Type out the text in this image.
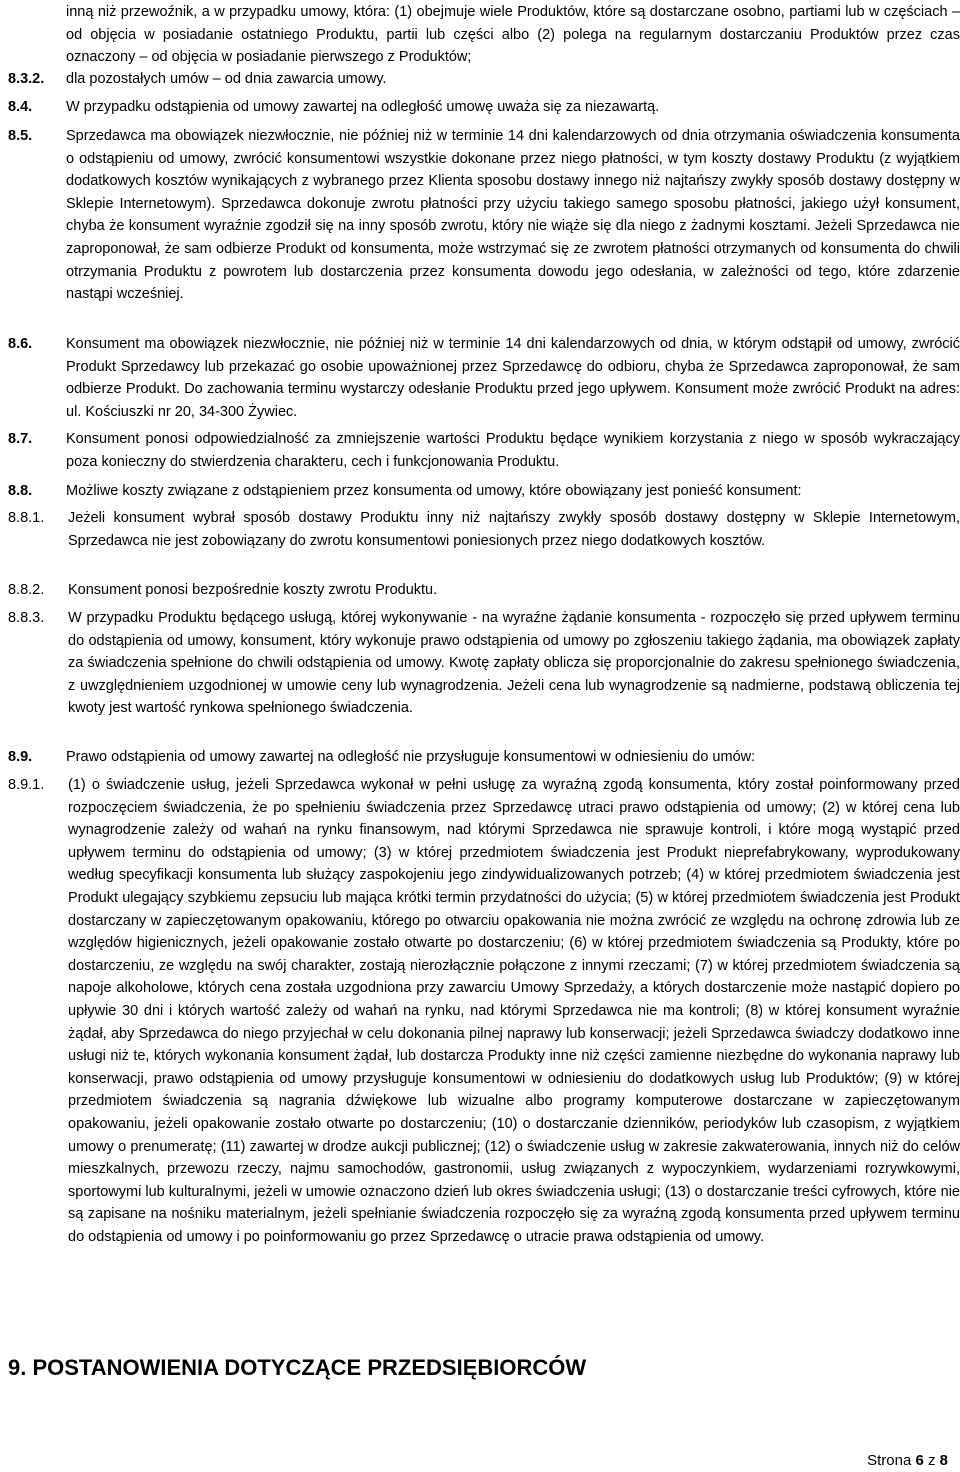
inną niż przewoźnik, a w przypadku umowy, która: (1) obejmuje wiele Produktów, które są dostarczane osobno, partiami lub w częściach – od objęcia w posiadanie ostatniego Produktu, partii lub części albo (2) polega na regularnym dostarczaniu Produktów przez czas oznaczony – od objęcia w posiadanie pierwszego z Produktów;
8.3.2. dla pozostałych umów – od dnia zawarcia umowy.
8.4. W przypadku odstąpienia od umowy zawartej na odległość umowę uważa się za niezawartą.
8.5. Sprzedawca ma obowiązek niezwłocznie, nie później niż w terminie 14 dni kalendarzowych od dnia otrzymania oświadczenia konsumenta o odstąpieniu od umowy, zwrócić konsumentowi wszystkie dokonane przez niego płatności, w tym koszty dostawy Produktu (z wyjątkiem dodatkowych kosztów wynikających z wybranego przez Klienta sposobu dostawy innego niż najtańszy zwykły sposób dostawy dostępny w Sklepie Internetowym). Sprzedawca dokonuje zwrotu płatności przy użyciu takiego samego sposobu płatności, jakiego użył konsument, chyba że konsument wyraźnie zgodził się na inny sposób zwrotu, który nie wiąże się dla niego z żadnymi kosztami. Jeżeli Sprzedawca nie zaproponował, że sam odbierze Produkt od konsumenta, może wstrzymać się ze zwrotem płatności otrzymanych od konsumenta do chwili otrzymania Produktu z powrotem lub dostarczenia przez konsumenta dowodu jego odesłania, w zależności od tego, które zdarzenie nastąpi wcześniej.
8.6. Konsument ma obowiązek niezwłocznie, nie później niż w terminie 14 dni kalendarzowych od dnia, w którym odstąpił od umowy, zwrócić Produkt Sprzedawcy lub przekazać go osobie upoważnionej przez Sprzedawcę do odbioru, chyba że Sprzedawca zaproponował, że sam odbierze Produkt. Do zachowania terminu wystarczy odesłanie Produktu przed jego upływem. Konsument może zwrócić Produkt na adres: ul. Kościuszki nr 20, 34-300 Żywiec.
8.7. Konsument ponosi odpowiedzialność za zmniejszenie wartości Produktu będące wynikiem korzystania z niego w sposób wykraczający poza konieczny do stwierdzenia charakteru, cech i funkcjonowania Produktu.
8.8. Możliwe koszty związane z odstąpieniem przez konsumenta od umowy, które obowiązany jest ponieść konsument:
8.8.1. Jeżeli konsument wybrał sposób dostawy Produktu inny niż najtańszy zwykły sposób dostawy dostępny w Sklepie Internetowym, Sprzedawca nie jest zobowiązany do zwrotu konsumentowi poniesionych przez niego dodatkowych kosztów.
8.8.2. Konsument ponosi bezpośrednie koszty zwrotu Produktu.
8.8.3. W przypadku Produktu będącego usługą, której wykonywanie - na wyraźne żądanie konsumenta - rozpoczęło się przed upływem terminu do odstąpienia od umowy, konsument, który wykonuje prawo odstąpienia od umowy po zgłoszeniu takiego żądania, ma obowiązek zapłaty za świadczenia spełnione do chwili odstąpienia od umowy. Kwotę zapłaty oblicza się proporcjonalnie do zakresu spełnionego świadczenia, z uwzględnieniem uzgodnionej w umowie ceny lub wynagrodzenia. Jeżeli cena lub wynagrodzenie są nadmierne, podstawą obliczenia tej kwoty jest wartość rynkowa spełnionego świadczenia.
8.9. Prawo odstąpienia od umowy zawartej na odległość nie przysługuje konsumentowi w odniesieniu do umów:
8.9.1. (1) o świadczenie usług, jeżeli Sprzedawca wykonał w pełni usługę za wyraźną zgodą konsumenta, który został poinformowany przed rozpoczęciem świadczenia, że po spełnieniu świadczenia przez Sprzedawcę utraci prawo odstąpienia od umowy; (2) w której cena lub wynagrodzenie zależy od wahań na rynku finansowym, nad którymi Sprzedawca nie sprawuje kontroli, i które mogą wystąpić przed upływem terminu do odstąpienia od umowy; (3) w której przedmiotem świadczenia jest Produkt nieprefabrykowany, wyprodukowany według specyfikacji konsumenta lub służący zaspokojeniu jego zindywidualizowanych potrzeb; (4) w której przedmiotem świadczenia jest Produkt ulegający szybkiemu zepsuciu lub mająca krótki termin przydatności do użycia; (5) w której przedmiotem świadczenia jest Produkt dostarczany w zapieczętowanym opakowaniu, którego po otwarciu opakowania nie można zwrócić ze względu na ochronę zdrowia lub ze względów higienicznych, jeżeli opakowanie zostało otwarte po dostarczeniu; (6) w której przedmiotem świadczenia są Produkty, które po dostarczeniu, ze względu na swój charakter, zostają nierozłącznie połączone z innymi rzeczami; (7) w której przedmiotem świadczenia są napoje alkoholowe, których cena została uzgodniona przy zawarciu Umowy Sprzedaży, a których dostarczenie może nastąpić dopiero po upływie 30 dni i których wartość zależy od wahań na rynku, nad którymi Sprzedawca nie ma kontroli; (8) w której konsument wyraźnie żądał, aby Sprzedawca do niego przyjechał w celu dokonania pilnej naprawy lub konserwacji; jeżeli Sprzedawca świadczy dodatkowo inne usługi niż te, których wykonania konsument żądał, lub dostarcza Produkty inne niż części zamienne niezbędne do wykonania naprawy lub konserwacji, prawo odstąpienia od umowy przysługuje konsumentowi w odniesieniu do dodatkowych usług lub Produktów; (9) w której przedmiotem świadczenia są nagrania dźwiękowe lub wizualne albo programy komputerowe dostarczane w zapieczętowanym opakowaniu, jeżeli opakowanie zostało otwarte po dostarczeniu; (10) o dostarczanie dzienników, periodyków lub czasopism, z wyjątkiem umowy o prenumeratę; (11) zawartej w drodze aukcji publicznej; (12) o świadczenie usług w zakresie zakwaterowania, innych niż do celów mieszkalnych, przewozu rzeczy, najmu samochodów, gastronomii, usług związanych z wypoczynkiem, wydarzeniami rozrywkowymi, sportowymi lub kulturalnymi, jeżeli w umowie oznaczono dzień lub okres świadczenia usługi; (13) o dostarczanie treści cyfrowych, które nie są zapisane na nośniku materialnym, jeżeli spełnianie świadczenia rozpoczęło się za wyraźną zgodą konsumenta przed upływem terminu do odstąpienia od umowy i po poinformowaniu go przez Sprzedawcę o utracie prawa odstąpienia od umowy.
9. POSTANOWIENIA DOTYCZĄCE PRZEDSIĘBIORCÓW
Strona 6 z 8
